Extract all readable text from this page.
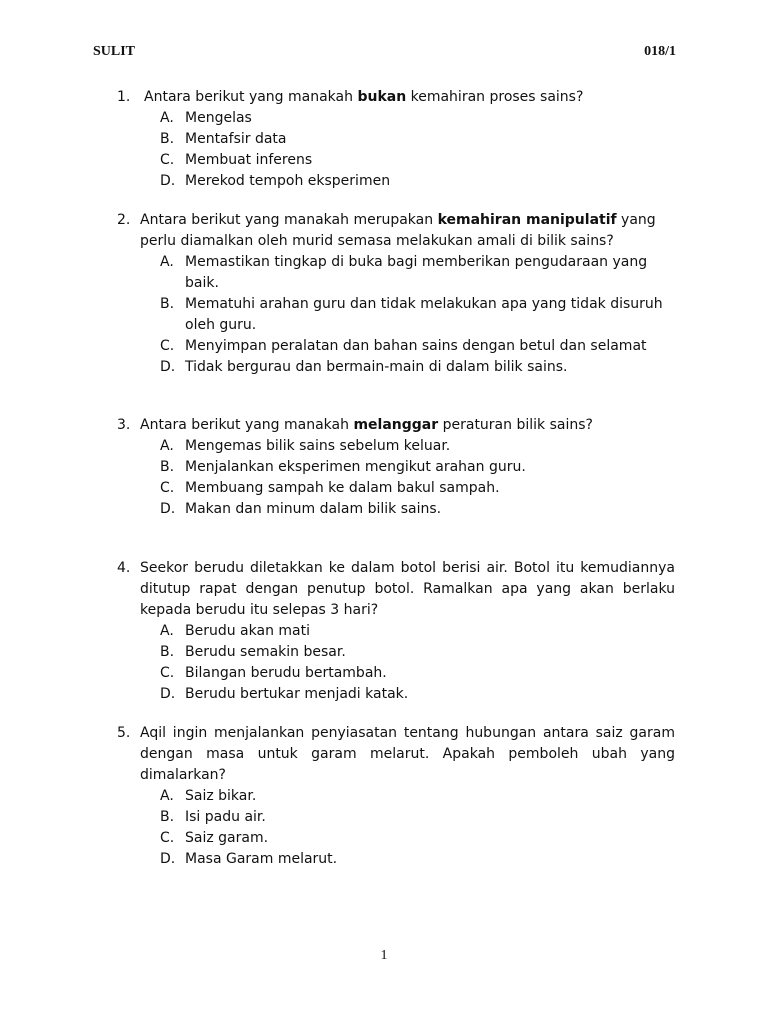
SULIT	018/1
1. Antara berikut yang manakah bukan kemahiran proses sains?
A. Mengelas
B. Mentafsir data
C. Membuat inferens
D. Merekod tempoh eksperimen
2. Antara berikut yang manakah merupakan kemahiran manipulatif yang perlu diamalkan oleh murid semasa melakukan amali di bilik sains?
A. Memastikan tingkap di buka bagi memberikan pengudaraan yang baik.
B. Mematuhi arahan guru dan tidak melakukan apa yang tidak disuruh oleh guru.
C. Menyimpan peralatan dan bahan sains dengan betul dan selamat
D. Tidak bergurau dan bermain-main di dalam bilik sains.
3. Antara berikut yang manakah melanggar peraturan bilik sains?
A. Mengemas bilik sains sebelum keluar.
B. Menjalankan eksperimen mengikut arahan guru.
C. Membuang sampah ke dalam bakul sampah.
D. Makan dan minum dalam bilik sains.
4. Seekor berudu diletakkan ke dalam botol berisi air. Botol itu kemudiannya ditutup rapat dengan penutup botol. Ramalkan apa yang akan berlaku kepada berudu itu selepas 3 hari?
A. Berudu akan mati
B. Berudu semakin besar.
C. Bilangan berudu bertambah.
D. Berudu bertukar menjadi katak.
5. Aqil ingin menjalankan penyiasatan tentang hubungan antara saiz garam dengan masa untuk garam melarut. Apakah pemboleh ubah yang dimalarkan?
A. Saiz bikar.
B. Isi padu air.
C. Saiz garam.
D. Masa Garam melarut.
1
